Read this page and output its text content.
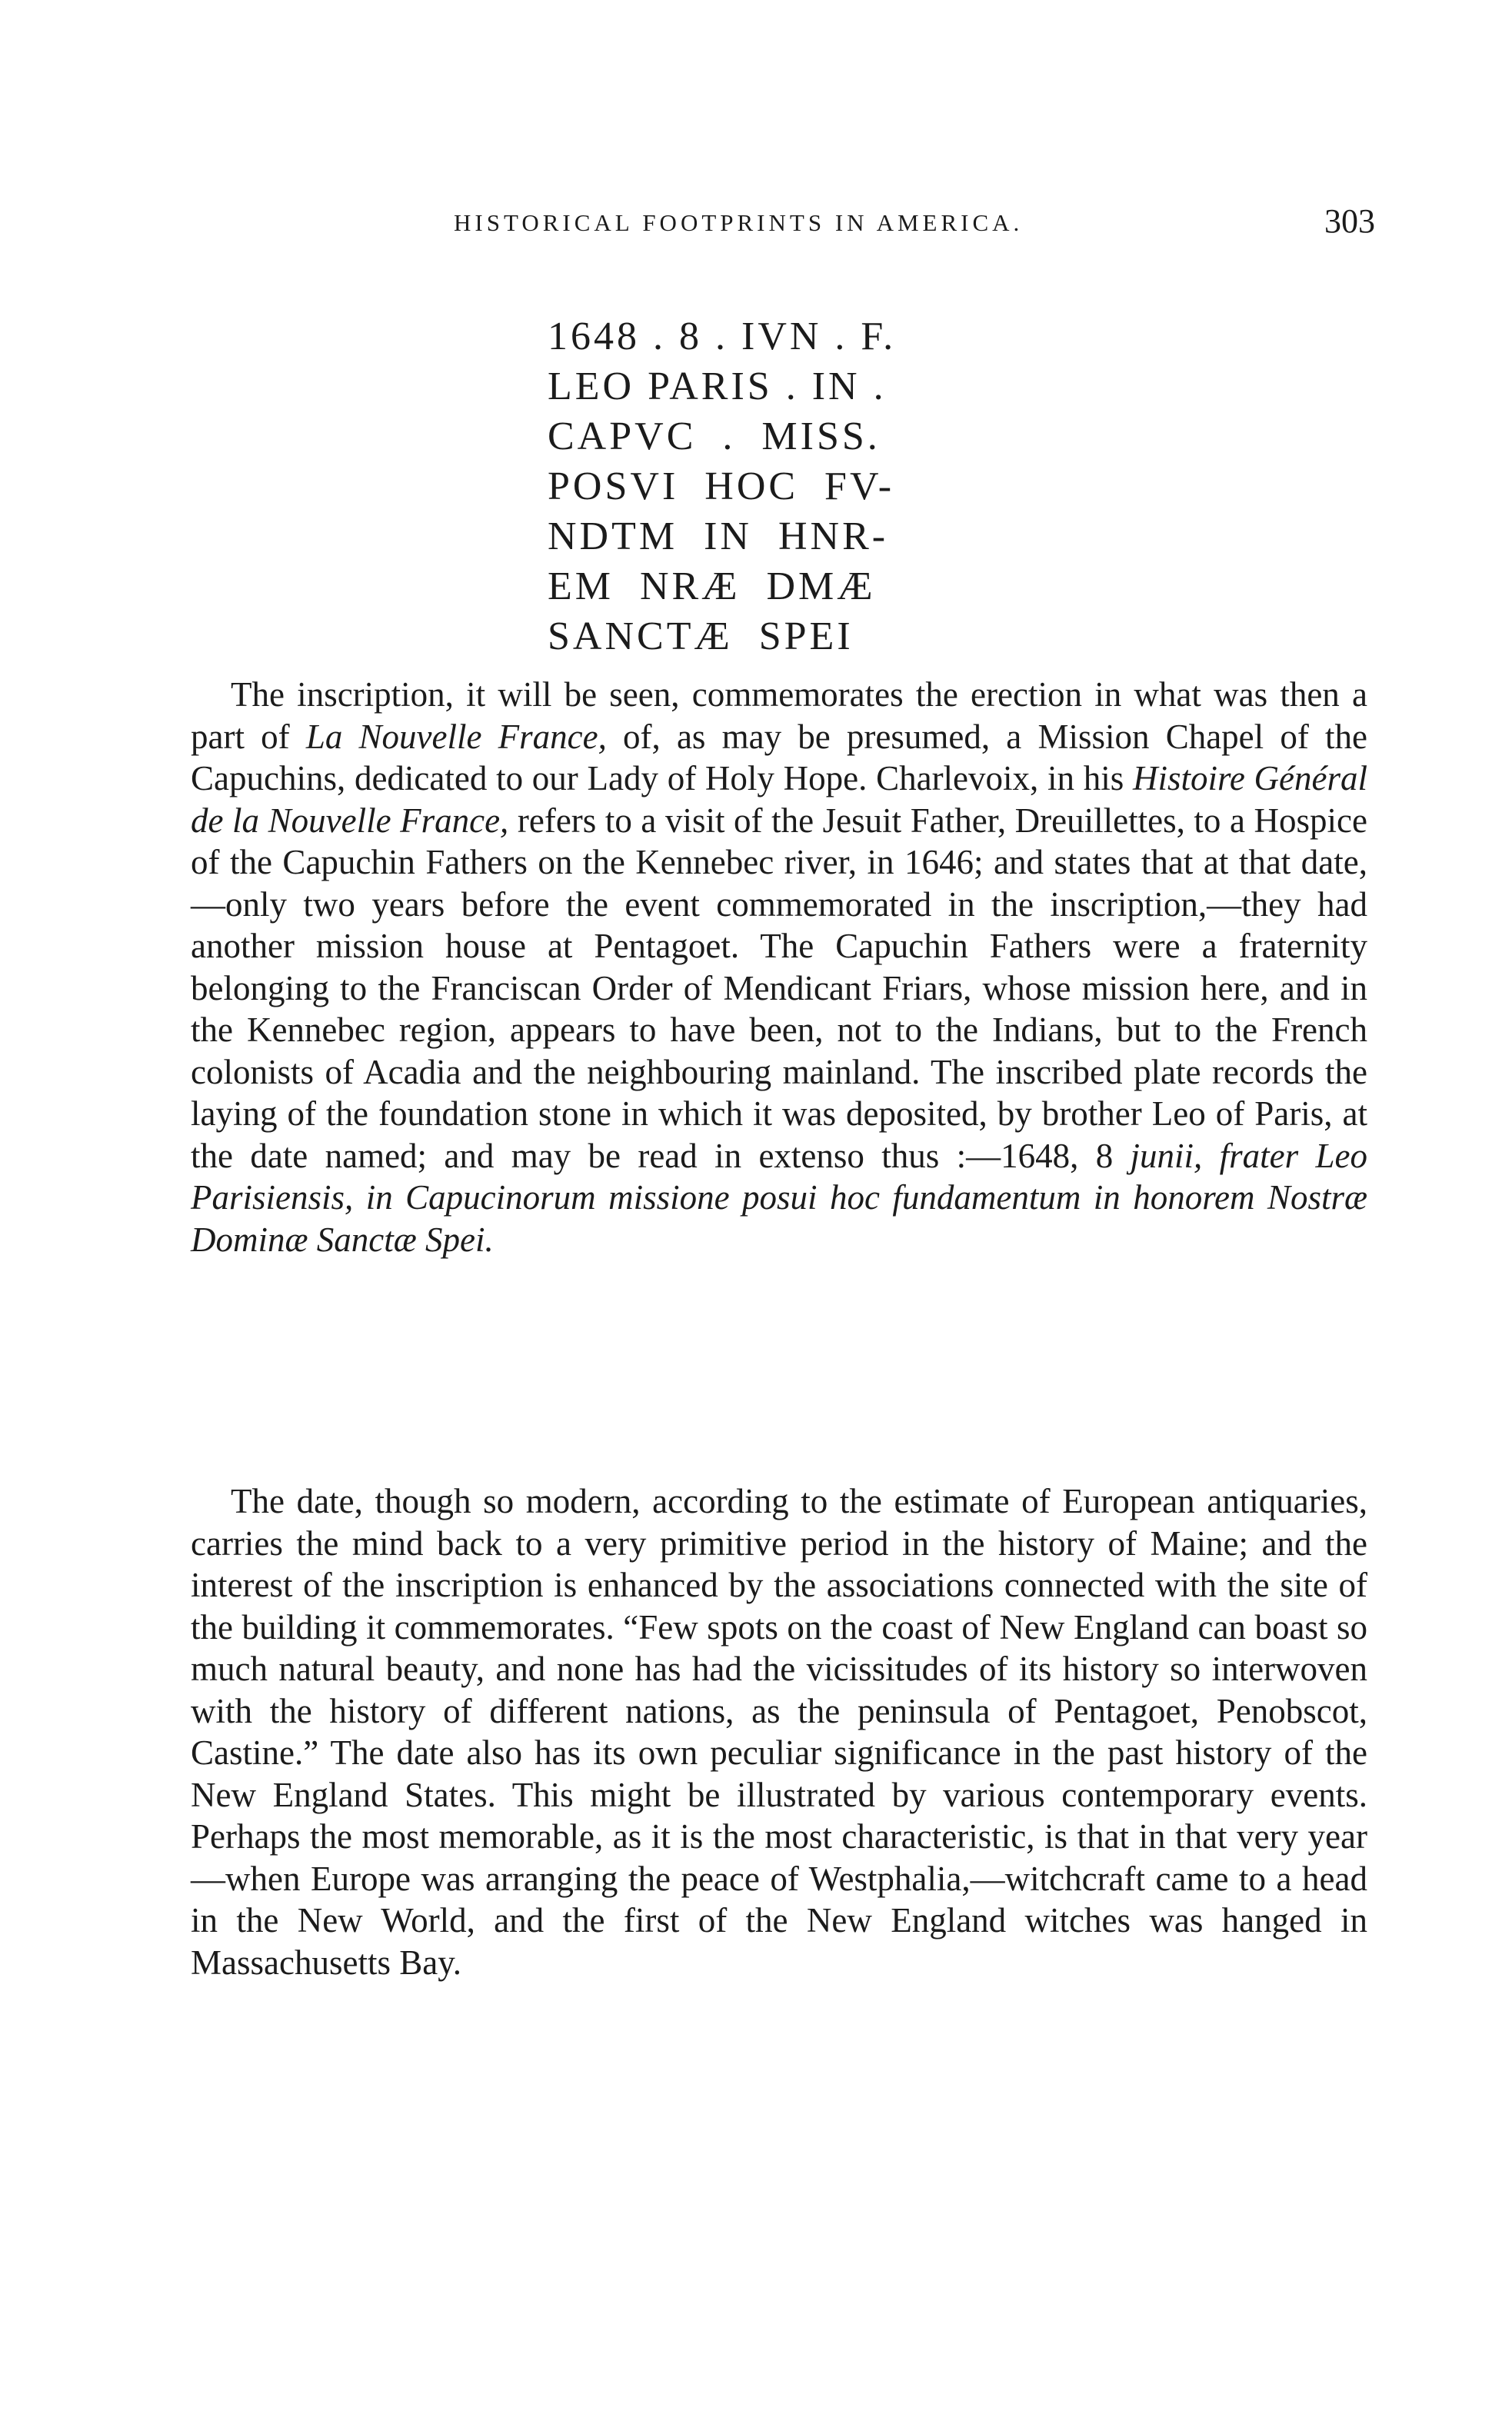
HISTORICAL FOOTPRINTS IN AMERICA.	303
1648 . 8 . IVN . F.
LEO PARIS . IN .
CAPVC  .  MISS.
POSVI  HOC  FV-
NDTM  IN  HNR-
EM  NRÆ  DMÆ
SANCTÆ  SPEI

The inscription, it will be seen, commemorates the erection in what was then a part of La Nouvelle France, of, as may be presumed, a Mission Chapel of the Capuchins, dedicated to our Lady of Holy Hope. Charlevoix, in his Histoire Général de la Nouvelle France, refers to a visit of the Jesuit Father, Dreuillettes, to a Hospice of the Capuchin Fathers on the Kennebec river, in 1646; and states that at that date,—only two years before the event commemorated in the inscription,—they had another mission house at Pentagoet. The Capuchin Fathers were a fraternity belonging to the Franciscan Order of Mendicant Friars, whose mission here, and in the Kennebec region, appears to have been, not to the Indians, but to the French colonists of Acadia and the neighbouring mainland. The inscribed plate records the laying of the foundation stone in which it was deposited, by brother Leo of Paris, at the date named; and may be read in extenso thus :—1648, 8 junii, frater Leo Parisiensis, in Capucinorum missione posui hoc fundamentum in honorem Nostræ Dominæ Sanctæ Spei.

The date, though so modern, according to the estimate of European antiquaries, carries the mind back to a very primitive period in the history of Maine; and the interest of the inscription is enhanced by the associations connected with the site of the building it commemorates. “Few spots on the coast of New England can boast so much natural beauty, and none has had the vicissitudes of its history so interwoven with the history of different nations, as the peninsula of Pentagoet, Penobscot, Castine.” The date also has its own peculiar significance in the past history of the New England States. This might be illustrated by various contemporary events. Perhaps the most memorable, as it is the most characteristic, is that in that very year—when Europe was arranging the peace of Westphalia,—witchcraft came to a head in the New World, and the first of the New England witches was hanged in Massachusetts Bay.
